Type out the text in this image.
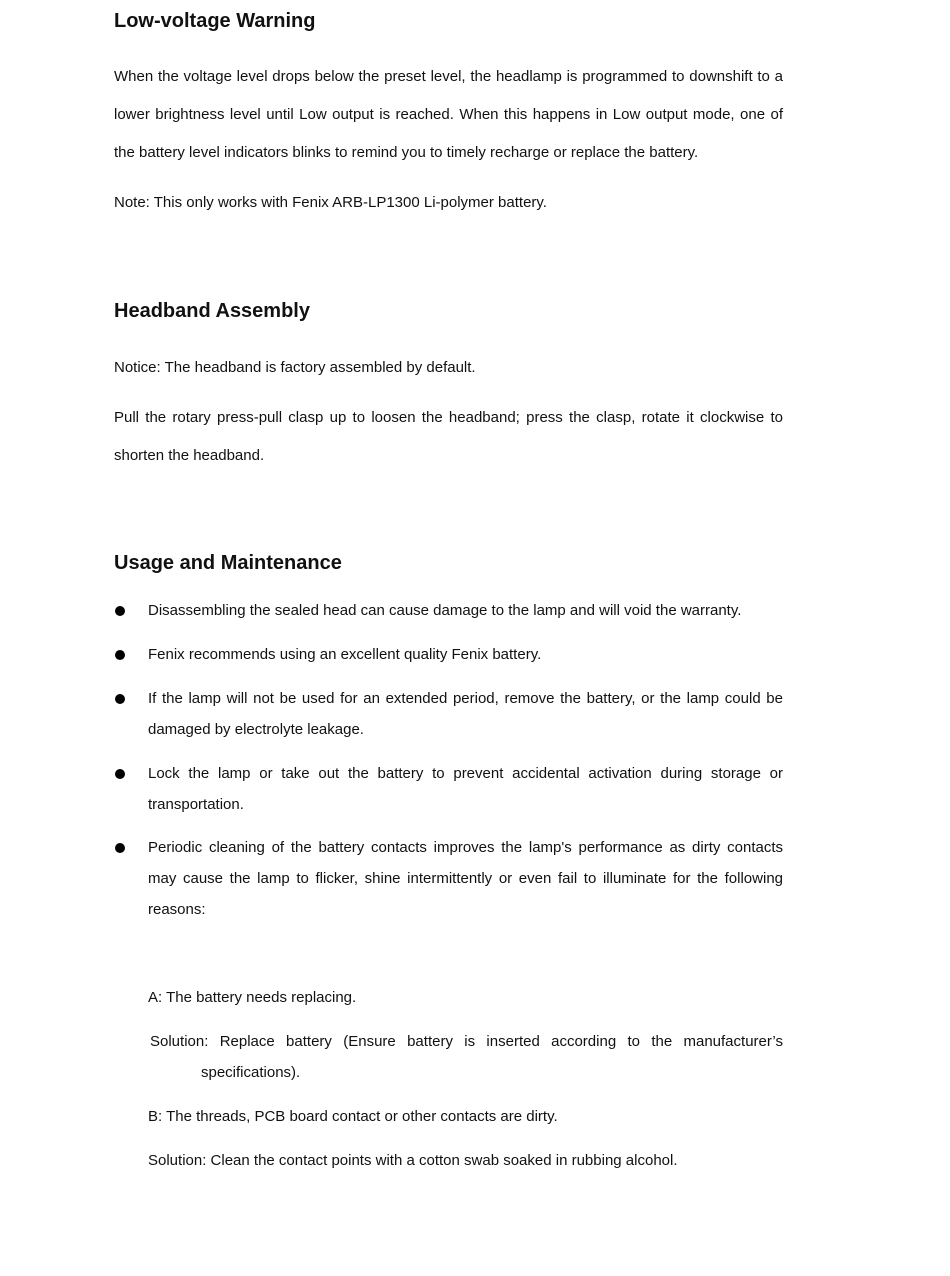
Low-voltage Warning

When the voltage level drops below the preset level, the headlamp is programmed to downshift to a lower brightness level until Low output is reached. When this happens in Low output mode, one of the battery level indicators blinks to remind you to timely recharge or replace the battery.

Note: This only works with Fenix ARB-LP1300 Li-polymer battery.

Headband Assembly

Notice: The headband is factory assembled by default.

Pull the rotary press-pull clasp up to loosen the headband; press the clasp, rotate it clockwise to shorten the headband.

Usage and Maintenance
Disassembling the sealed head can cause damage to the lamp and will void the warranty.
Fenix recommends using an excellent quality Fenix battery.
If the lamp will not be used for an extended period, remove the battery, or the lamp could be damaged by electrolyte leakage.
Lock the lamp or take out the battery to prevent accidental activation during storage or transportation.
Periodic cleaning of the battery contacts improves the lamp's performance as dirty contacts may cause the lamp to flicker, shine intermittently or even fail to illuminate for the following reasons:

A: The battery needs replacing.

Solution: Replace battery (Ensure battery is inserted according to the manufacturer’s
specifications).

B: The threads, PCB board contact or other contacts are dirty.

Solution: Clean the contact points with a cotton swab soaked in rubbing alcohol.
